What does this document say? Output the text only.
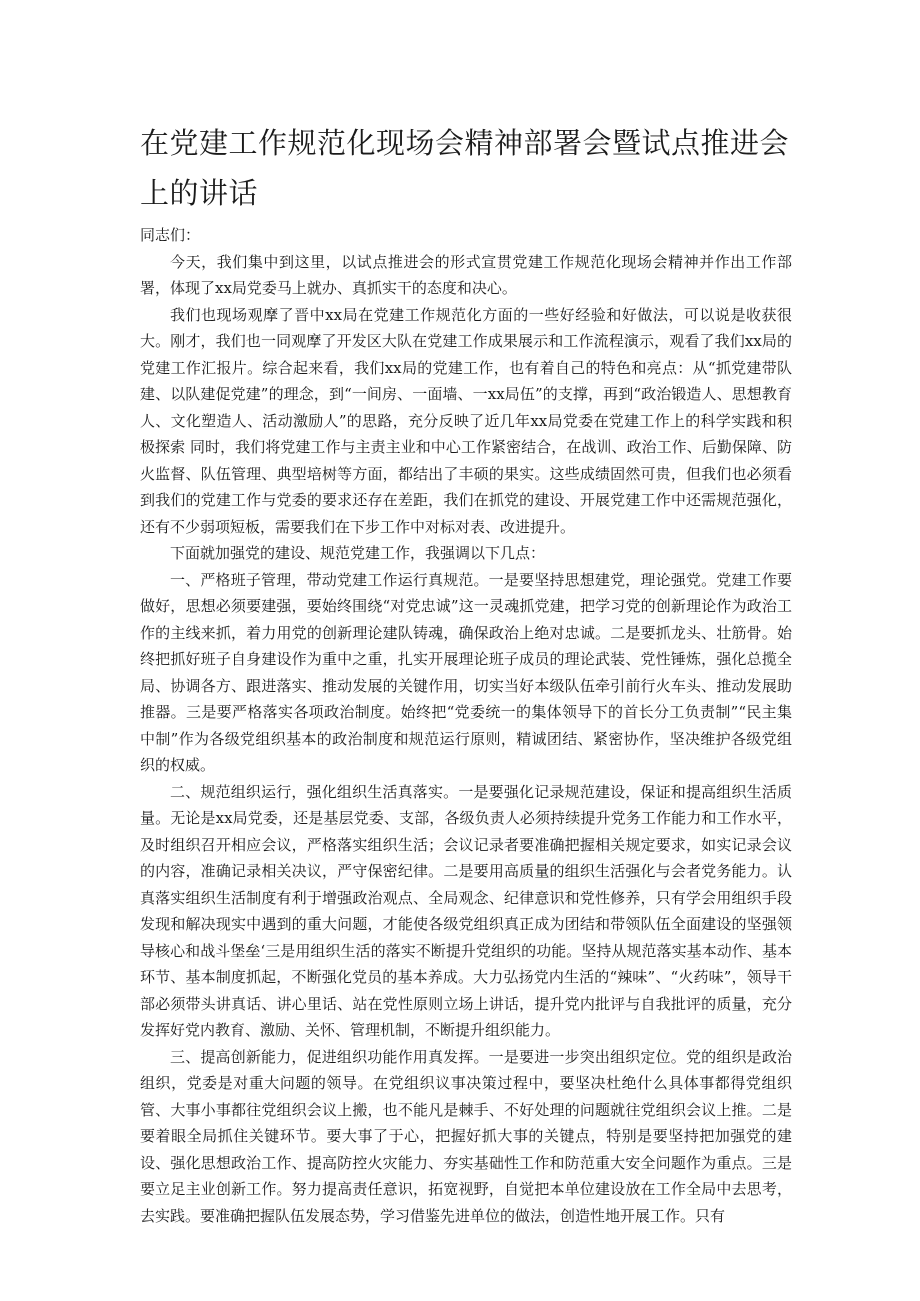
在党建工作规范化现场会精神部署会暨试点推进会上的讲话

同志们：

今天，我们集中到这里，以试点推进会的形式宣贯党建工作规范化现场会精神并作出工作部署，体现了xx局党委马上就办、真抓实干的态度和决心。

我们也现场观摩了晋中xx局在党建工作规范化方面的一些好经验和好做法，可以说是收获很大。刚才，我们也一同观摩了开发区大队在党建工作成果展示和工作流程演示，观看了我们xx局的党建工作汇报片。综合起来看，我们xx局的党建工作，也有着自己的特色和亮点：从“抓党建带队建、以队建促党建”的理念，到“一间房、一面墙、一xx局伍”的支撑，再到“政治锻造人、思想教育人、文化塑造人、活动激励人”的思路，充分反映了近几年xx局党委在党建工作上的科学实践和积极探索 同时，我们将党建工作与主责主业和中心工作紧密结合，在战训、政治工作、后勤保障、防火监督、队伍管理、典型培树等方面，都结出了丰硕的果实。这些成绩固然可贵，但我们也必须看到我们的党建工作与党委的要求还存在差距，我们在抓党的建设、开展党建工作中还需规范强化，还有不少弱项短板，需要我们在下步工作中对标对表、改进提升。

下面就加强党的建设、规范党建工作，我强调以下几点：

一、严格班子管理，带动党建工作运行真规范。一是要坚持思想建党，理论强党。党建工作要做好，思想必须要建强，要始终围绕“对党忠诚”这一灵魂抓党建，把学习党的创新理论作为政治工作的主线来抓，着力用党的创新理论建队铸魂，确保政治上绝对忠诚。二是要抓龙头、壮筋骨。始终把抓好班子自身建设作为重中之重，扎实开展理论班子成员的理论武装、党性锤炼，强化总揽全局、协调各方、跟进落实、推动发展的关键作用，切实当好本级队伍牵引前行火车头、推动发展助推器。三是要严格落实各项政治制度。始终把“党委统一的集体领导下的首长分工负责制”“民主集中制”作为各级党组织基本的政治制度和规范运行原则，精诚团结、紧密协作，坚决维护各级党组织的权威。

二、规范组织运行，强化组织生活真落实。一是要强化记录规范建设，保证和提高组织生活质量。无论是xx局党委，还是基层党委、支部，各级负责人必须持续提升党务工作能力和工作水平，及时组织召开相应会议，严格落实组织生活；会议记录者要准确把握相关规定要求，如实记录会议的内容，准确记录相关决议，严守保密纪律。二是要用高质量的组织生活强化与会者党务能力。认真落实组织生活制度有利于增强政治观点、全局观念、纪律意识和党性修养，只有学会用组织手段发现和解决现实中遇到的重大问题，才能使各级党组织真正成为团结和带领队伍全面建设的坚强领导核心和战斗堡垒‘三是用组织生活的落实不断提升党组织的功能。坚持从规范落实基本动作、基本环节、基本制度抓起，不断强化党员的基本养成。大力弘扬党内生活的“辣味”、“火药味”，领导干部必须带头讲真话、讲心里话、站在党性原则立场上讲话，提升党内批评与自我批评的质量，充分发挥好党内教育、激励、关怀、管理机制，不断提升组织能力。

三、提高创新能力，促进组织功能作用真发挥。一是要进一步突出组织定位。党的组织是政治组织，党委是对重大问题的领导。在党组织议事决策过程中，要坚决杜绝什么具体事都得党组织管、大事小事都往党组织会议上搬，也不能凡是棘手、不好处理的问题就往党组织会议上推。二是要着眼全局抓住关键环节。要大事了于心，把握好抓大事的关键点，特别是要坚持把加强党的建设、强化思想政治工作、提高防控火灾能力、夯实基础性工作和防范重大安全问题作为重点。三是要立足主业创新工作。努力提高责任意识，拓宽视野，自觉把本单位建设放在工作全局中去思考，去实践。要准确把握队伍发展态势，学习借鉴先进单位的做法，创造性地开展工作。只有
